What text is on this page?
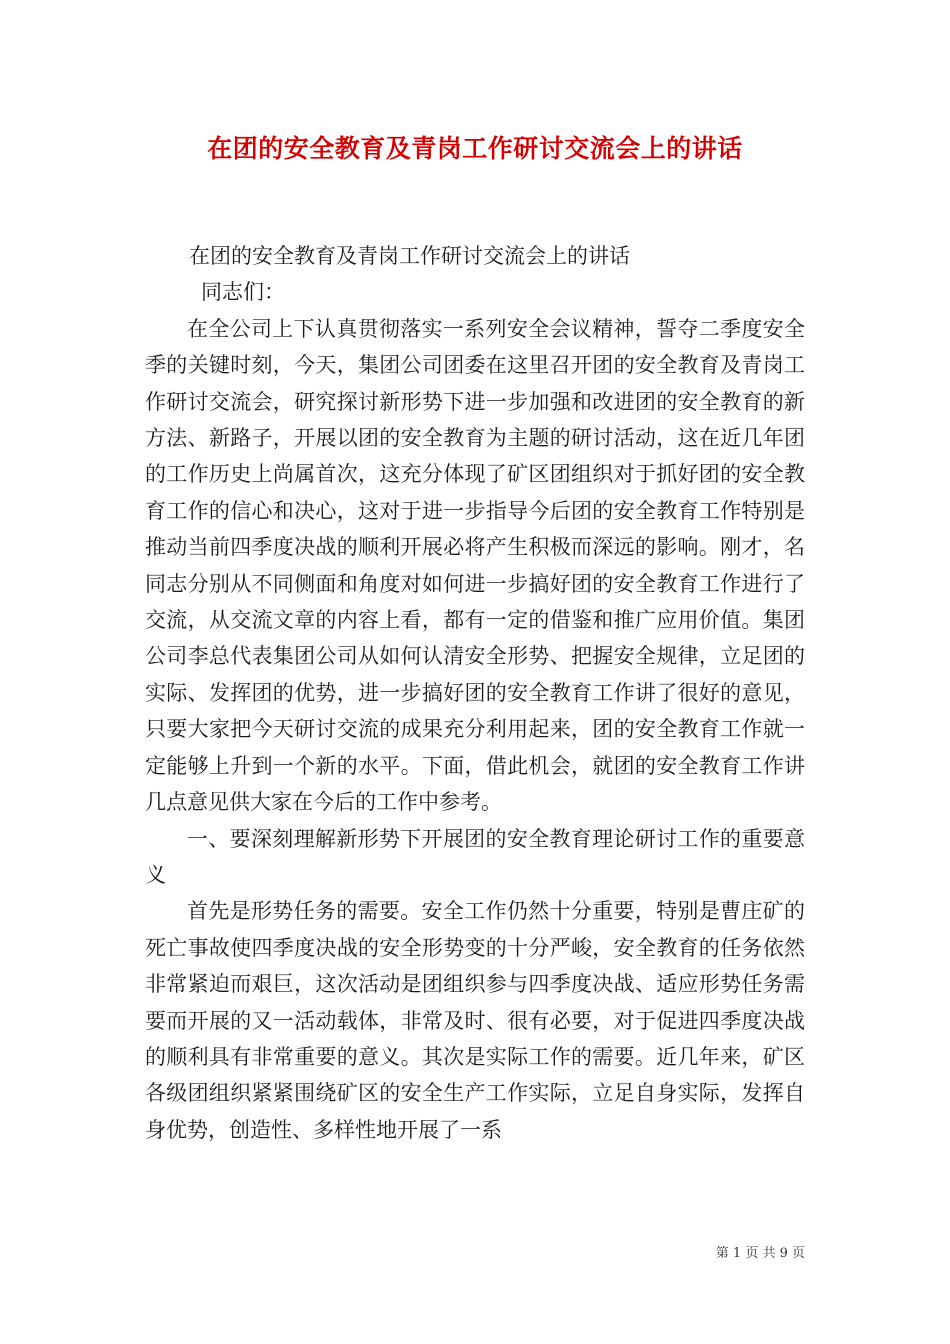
在团的安全教育及青岗工作研讨交流会上的讲话

在团的安全教育及青岗工作研讨交流会上的讲话

同志们：

在全公司上下认真贯彻落实一系列安全会议精神，誓夺二季度安全季的关键时刻，今天，集团公司团委在这里召开团的安全教育及青岗工作研讨交流会，研究探讨新形势下进一步加强和改进团的安全教育的新方法、新路子，开展以团的安全教育为主题的研讨活动，这在近几年团的工作历史上尚属首次，这充分体现了矿区团组织对于抓好团的安全教育工作的信心和决心，这对于进一步指导今后团的安全教育工作特别是推动当前四季度决战的顺利开展必将产生积极而深远的影响。刚才，名同志分别从不同侧面和角度对如何进一步搞好团的安全教育工作进行了交流，从交流文章的内容上看，都有一定的借鉴和推广应用价值。集团公司李总代表集团公司从如何认清安全形势、把握安全规律，立足团的实际、发挥团的优势，进一步搞好团的安全教育工作讲了很好的意见，只要大家把今天研讨交流的成果充分利用起来，团的安全教育工作就一定能够上升到一个新的水平。下面，借此机会，就团的安全教育工作讲几点意见供大家在今后的工作中参考。

一、要深刻理解新形势下开展团的安全教育理论研讨工作的重要意义

首先是形势任务的需要。安全工作仍然十分重要，特别是曹庄矿的死亡事故使四季度决战的安全形势变的十分严峻，安全教育的任务依然非常紧迫而艰巨，这次活动是团组织参与四季度决战、适应形势任务需要而开展的又一活动载体，非常及时、很有必要，对于促进四季度决战的顺利具有非常重要的意义。其次是实际工作的需要。近几年来，矿区各级团组织紧紧围绕矿区的安全生产工作实际，立足自身实际，发挥自身优势，创造性、多样性地开展了一系

第 1 页 共 9 页
